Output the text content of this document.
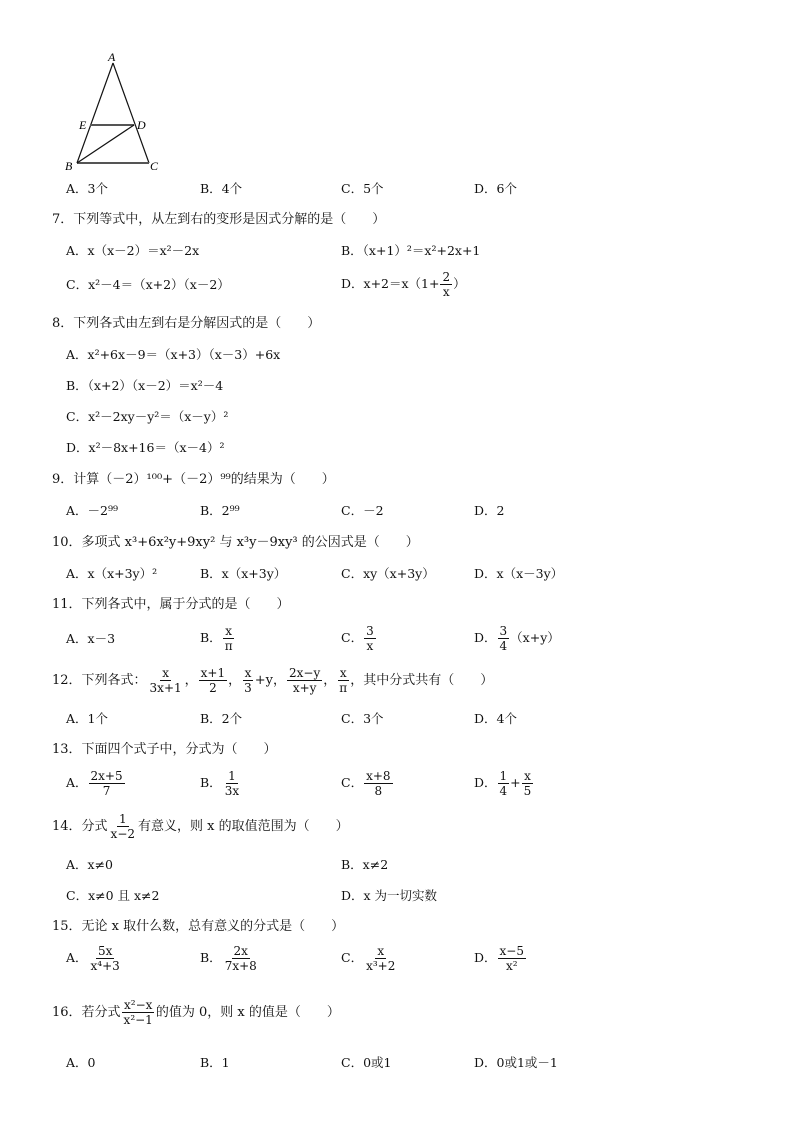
A
E	D
B	C
A．3个	B．4个	C．5个	D．6个
7．下列等式中，从左到右的变形是因式分解的是（　　）
A．x（x－2）＝x²－2x	B．（x+1）²＝x²+2x+1
C．x²－4＝（x+2）（x－2）	D．$x+2=x(1+ \frac{2}{x}$ ）
8．下列各式由左到右是分解因式的是（　　）
A．x²+6x－9＝（x+3）（x－3）+6x
B．（x+2）（x－2）＝x²－4
C．x²－2xy－y²＝（x－y）²
D．x²－8x+16＝（x－4）²
9．计算（－2）¹⁰⁰+（－2）⁹⁹的结果为（　　）
A．－2⁹⁹	B．2⁹⁹	C．－2	D．2
10．多项式 x³+6x²y+9xy² 与 x³y－9xy³ 的公因式是（　　）
A．x（x+3y）²	B．x（x+3y）	C．xy（x+3y）	D．x（x－3y）
11．下列各式中，属于分式的是（　　）
A．x－3	B． $\frac{x}{\pi}$	C． $\frac{3}{x}$	D． $\frac{3}{4} (x+y)$
12．下列各式： $\frac{x}{3x+1}$ ， $\frac{x+1}{2}$ ， $\frac{x}{3} +y$， $\frac{2x-y}{x+y}$ ， $\frac{x}{\pi}$ ，其中分式共有（　　）
A．1个	B．2个	C．3个	D．4个
13．下面四个式子中，分式为（　　）
A． $\frac{2x+5}{7}$	B． $\frac{1}{3x}$	C． $\frac{x+8}{8}$	D． $\frac{1}{4} + \frac{x}{5}$
14．分式 $\frac{1}{x-2}$ 有意义，则 x 的取值范围为（　　）
A．x≠0	B．x≠2
C．x≠0 且 x≠2	D．x 为一切实数
15．无论 x 取什么数，总有意义的分式是（　　）
A． $\frac{5x}{\text{x⁴+3}}$	B． $\frac{2x}{7x+8}$	C． $\frac{x}{\text{x³+2}}$	D． $\frac{x-5}{\text{x²}}$
16．若分式 $\frac{\text{x²−x}}{\text{x²−1}}$ 的值为 0，则 x 的值是（　　）
A．0	B．1	C．0或1	D．0或1或－1
